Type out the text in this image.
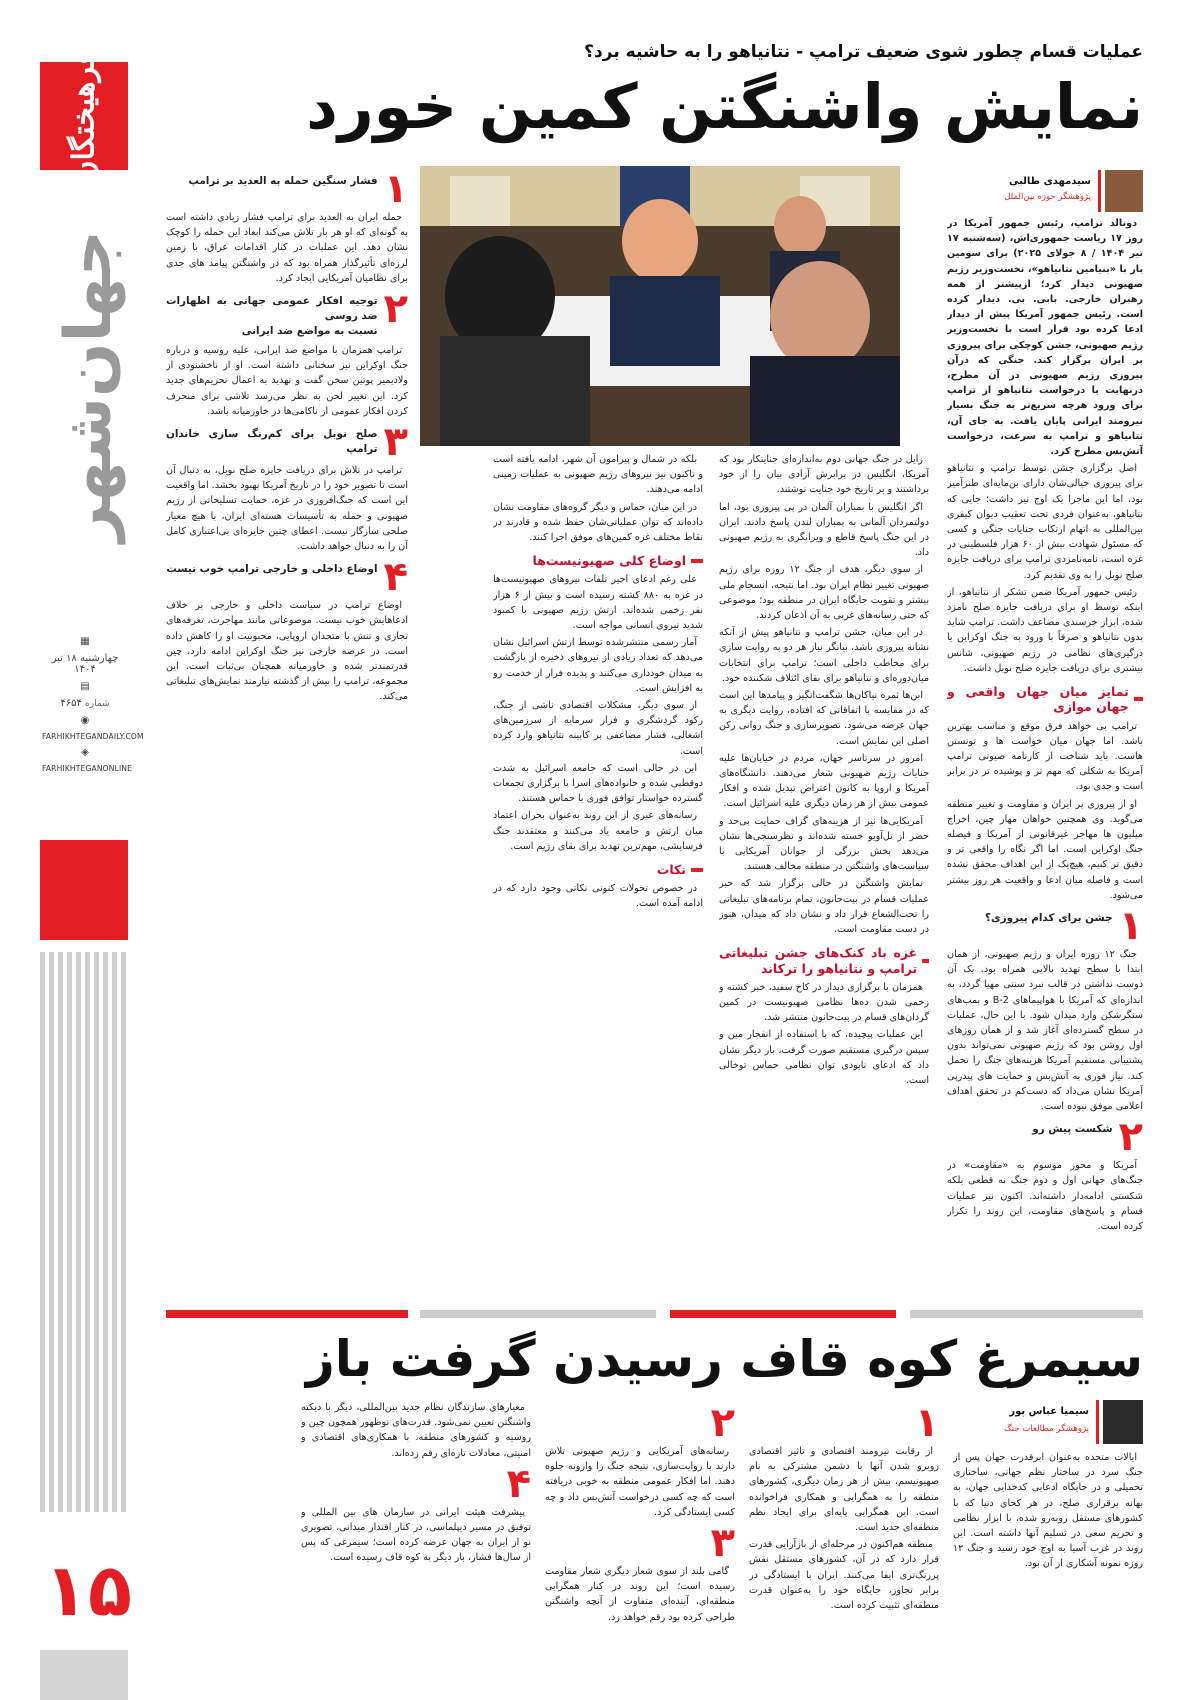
فرهیختگان
جهان‌شهر
▦
چهارشنبه ۱۸ تیر ۱۴۰۴
▤
شماره ۴۶۵۴
◉
FARHIKHTEGANDAILY.COM
◈
FARHIKHTEGANONLINE
۱۵
عملیات قسام چطور شوی ضعیف ترامپ - نتانیاهو را به حاشیه برد؟
نمایش واشنگتن کمین خورد
سیدمهدی طالبی
پژوهشگر حوزه بین‌الملل

دونالد ترامپ، رئیس جمهور آمریکا در روز ۱۷ ریاست جمهوری‌اش، (سه‌شنبه ۱۷ تیر ۱۴۰۴ / ۸ جولای ۲۰۲۵) برای سومین بار با «بنیامین نتانیاهو»، نخست‌وزیر رژیم صهیونی دیدار کرد؛ ازپیشتر از همه رهبران خارجی. بابی. بی. دیدار کرده است. رئیس جمهور آمریکا پیش از دیدار ادعا کرده بود قرار است با نخست‌وزیر رژیم صهیونی، جشن کوچکی برای پیروزی بر ایران برگزار کند. جنگی که درآن پیروزی رژیم صهیونی در آن مطرح، درنهایت با درخواست نتانیاهو از ترامپ برای ورود هرچه سریع‌تر به جنگ بسیار نیرومند ایرانی پایان یافت. به جای آن، نتانیاهو و ترامپ به سرعت، درخواست آتش‌بس مطرح کرد.

اصل برگزاری جشن توسط ترامپ و نتانیاهو برای پیروزی خیالی‌شان دارای بن‌مایه‌ای طنزآمیز بود، اما این ماجرا یک اوج نیز داشت؛ جایی که نتانیاهو، به‌عنوان فردی تحت تعقیب دیوان کیفری بین‌المللی به اتهام ارتکاب جنایات جنگی و کسی که مسئول شهادت بیش از ۶۰ هزار فلسطینی در غزه است، نامه‌نامزدی ترامپ برای دریافت جایزه صلح نوبل را به وی تقدیم کرد.

رئیس جمهور آمریکا ضمن تشکر از نتانیاهو، از اینکه توسط او برای دریافت جایزه صلح نامزد شده، ابراز خرسندی مضاعف داشت. ترامپ شاید بدون نتانیاهو و صرفاً با ورود به جنگ اوکراین یا درگیری‌های نظامی در رژیم صهیونی، شانس بیشتری برای دریافت جایزه صلح نوبل داشت.

تمایز میان جهان واقعی و جهان موازی

ترامپ بی‌ خواهد فرق موقع و مناسب بهترین باشد. اما جهان میان خواست ها و تونستن هاست. باید شناخت از کارنامه صیونی ترامپ آمریکا به شکلی که مهم تر و پوشیده تر در برابر است و جدی بود.

او از پیروزی بر ایران و مقاومت و تغییر منطقه می‌گوید. وی همچنین خواهان مهار چین، اخراج میلیون ها مهاجر غیرقانونی از آمریکا و فیصله جنگ اوکراین است. اما اگر نگاه را واقعی تر و دقیق تر کنیم، هیچ‌یک از این اهداف محقق نشده است و فاصله میان ادعا و واقعیت هر روز بیشتر می‌شود.

۱
جشن برای کدام پیروزی؟

جنگ ۱۲ روزه ایران و رژیم صهیونی، از همان ابتدا با سطح تهدید بالایی همراه بود. یک آن دوست نداشتن در قالب نبرد سنتی مهیا گردد، به اندازه‌ای که آمریکا با هواپیماهای B-2 و بمب‌های سنگرشکن وارد میدان شود. با این حال، عملیات در سطح گسترده‌ای آغاز شد و از همان روزهای اول روشن بود که رژیم صهیونی نمی‌تواند بدون پشتیبانی مستقیم آمریکا هزینه‌های جنگ را تحمل کند. نیاز فوری به آتش‌بس و حمایت های پیدرپی آمریکا نشان می‌داد که دست‌کم در تحقق اهداف اعلامی موفق نبوده است.

۲
شکست پیش رو

آمریکا و محور موسوم به «مقاومت» در جنگ‌های جهانی اول و دوم جنگ نه قطعی بلکه شکستی ادامه‌دار داشته‌اند. اکنون نیز عملیات قسام و پاسخ‌های مقاومت، این روند را تکرار کرده است.

زایل در جنگ جهانی دوم به‌اندازه‌ای جنایتکار بود که آمریکا، انگلیس در برابرش آزادی بیان را از خود برداشتند و بر تاریخ خود جنایت نوشتند.

اگر انگلیس با بمباران آلمان در پی پیروزی بود، اما دولتمردان آلمانی به بمباران لندن پاسخ دادند. ایران در این جنگ پاسخ قاطع و ویرانگری به رژیم صهیونی داد.

از سوی دیگر، هدف از جنگ ۱۲ روزه برای رژیم صهیونی تغییر نظام ایران بود. اما نتیجه، انسجام ملی بیشتر و تقویت جایگاه ایران در منطقه بود؛ موضوعی که حتی رسانه‌های غربی به آن اذعان کردند.

در این میان، جشن ترامپ و نتانیاهو پیش از آنکه نشانه پیروزی باشد، بیانگر نیاز هر دو به روایت سازی برای مخاطب داخلی است؛ ترامپ برای انتخابات میان‌دوره‌ای و نتانیاهو برای بقای ائتلاف شکننده خود.

ابن‌ها ثمره نیاکان‌ها شگفت‌انگیز و پیامدها این است که در مقایسه با اتفاقاتی که افتاده، روایت دیگری به جهان عرضه می‌شود. تصویرسازی و جنگ روانی رکن اصلی این نمایش است.

امروز در سرتاسر جهان، مردم در خیابان‌ها علیه جنایات رژیم صهیونی شعار می‌دهند. دانشگاه‌های آمریکا و اروپا به کانون اعتراض تبدیل شده و افکار عمومی بیش از هر زمان دیگری علیه اسرائیل است.

آمریکایی‌ها نیز از هزینه‌های گزاف حمایت بی‌حد و حصر از تل‌آویو خسته شده‌اند و نظرسنجی‌ها نشان می‌دهد بخش بزرگی از جوانان آمریکایی با سیاست‌های واشنگتن در منطقه مخالف هستند.

نمایش واشنگتن در حالی برگزار شد که خبر عملیات قسام در بیت‌حانون، تمام برنامه‌های تبلیغاتی را تحت‌الشعاع قرار داد و نشان داد که میدان، هنوز در دست مقاومت است.

غزه باد کنک‌های جشن تبلیغاتی ترامپ و نتانیاهو را ترکاند

همزمان با برگزاری دیدار در کاخ سفید، خبر کشته و زخمی شدن ده‌ها نظامی صهیونیست در کمین گردان‌های قسام در بیت‌حانون منتشر شد.

این عملیات پیچیده، که با استفاده از انفجار مین و سپس درگیری مستقیم صورت گرفت، بار دیگر نشان داد که ادعای نابودی توان نظامی حماس توخالی است.

بلکه در شمال و پیرامون آن شهر، ادامه یافته است و تاکنون نیز نیروهای رژیم صهیونی به عملیات زمینی ادامه می‌دهند.

در این میان، حماس و دیگر گروه‌های مقاومت نشان داده‌اند که توان عملیاتی‌شان حفظ شده و قادرند در نقاط مختلف غزه کمین‌های موفق اجرا کنند.

اوضاع کلی صهیونیست‌ها

علی رغم ادعای اخیر تلفات نیروهای صهیونیست‌ها در غزه به ۸۸۰ کشته رسیده است و بیش از ۶ هزار نفر زخمی شده‌اند. ارتش رژیم صهیونی با کمبود شدید نیروی انسانی مواجه است.

آمار رسمی منتشرشده توسط ارتش اسرائیل نشان می‌دهد که تعداد زیادی از نیروهای ذخیره از بازگشت به میدان خودداری می‌کنند و پدیده فرار از خدمت رو به افزایش است.

از سوی دیگر، مشکلات اقتصادی ناشی از جنگ، رکود گردشگری و فرار سرمایه از سرزمین‌های اشغالی، فشار مضاعفی بر کابینه نتانیاهو وارد کرده است.

این در حالی است که جامعه اسرائیل به شدت دوقطبی شده و خانواده‌های اسرا با برگزاری تجمعات گسترده خواستار توافق فوری با حماس هستند.

رسانه‌های عبری از این روند به‌عنوان بحران اعتماد میان ارتش و جامعه یاد می‌کنند و معتقدند جنگ فرسایشی، مهم‌ترین تهدید برای بقای رژیم است.

نکات

در خصوص تحولات کنونی نکاتی وجود دارد که در ادامه آمده است.

۱
فشار سنگین حمله به العدید بر ترامپ

حمله ایران به العدید برای ترامپ فشار زیادی داشته است به گونه‌ای که او هر بار تلاش می‌کند ابعاد این حمله را کوچک نشان دهد. این عملیات در کنار اقدامات عراق، با زمین لرزه‌ای تأثیرگذار همراه بود که در واشنگتن پیامد های جدی برای نظامیان آمریکایی ایجاد کرد.

۲
توجیه افکار عمومی جهانی به اظهارات ضد روسی
نسبت به مواضع ضد ایرانی

ترامپ همزمان با مواضع ضد ایرانی، علیه روسیه و درباره جنگ اوکراین نیز سخنانی داشته است. او از ناخشنودی از ولادیمیر پوتین سخن گفت و تهدید به اعمال تحریم‌های جدید کرد. این تغییر لحن به نظر می‌رسد تلاشی برای منحرف کردن افکار عمومی از ناکامی‌ها در خاورمیانه باشد.

۳
صلح نوبل برای کم‌رنگ سازی خاندان ترامپ

ترامپ در تلاش برای دریافت جایزه صلح نوبل، به دنبال آن است تا تصویر خود را در تاریخ آمریکا بهبود بخشد. اما واقعیت این است که جنگ‌افروزی در غزه، حمایت تسلیحاتی از رژیم صهیونی و حمله به تأسیسات هسته‌ای ایران، با هیچ معیار صلحی سازگار نیست. اعطای چنین جایزه‌ای بی‌اعتباری کامل آن را به دنبال خواهد داشت.

۴
اوضاع داخلی و خارجی ترامپ خوب نیست

اوضاع ترامپ در سیاست داخلی و خارجی بر خلاف ادعاهایش خوب نیست. موضوعاتی مانند مهاجرت، تعرفه‌های تجاری و تنش با متحدان اروپایی، محبوبیت او را کاهش داده است. در عرصه خارجی نیز جنگ اوکراین ادامه دارد، چین قدرتمندتر شده و خاورمیانه همچنان بی‌ثبات است. این مجموعه، ترامپ را بیش از گذشته نیازمند نمایش‌های تبلیغاتی می‌کند.

سیمرغ کوه قاف رسیدن گرفت باز
سیمیا عباس پور
پژوهشگر مطالعات جنگ

ایالات متحده به‌عنوان ابرقدرت جهان پس از جنگ سرد در ساختار نظم جهانی، ساختاری تحمیلی و در جایگاه ادعایی کدخدایی جهان، به بهانه برقراری صلح، در هر کجای دنیا که با کشورهای مستقل روبه‌رو شده، با ابزار نظامی و تحریم سعی در تسلیم آنها داشته است. این روند در غرب آسیا به اوج خود رسید و جنگ ۱۲ روزه نمونه آشکاری از آن بود.

۱

از رقابت نیرومند اقتصادی و تاثیر اقتصادی روبرو شدن آنها با دشمن مشترکی به نام صهیونیسم، بیش از هر زمان دیگری، کشورهای منطقه را به همگرایی و همکاری فراخوانده است. این همگرایی پایه‌ای برای ایجاد نظم منطقه‌ای جدید است.

منطقه هم‌اکنون در مرحله‌ای از بازآرایی قدرت قرار دارد که در آن، کشورهای مستقل نقش پررنگ‌تری ایفا می‌کنند. ایران با ایستادگی در برابر تجاوز، جایگاه خود را به‌عنوان قدرت منطقه‌ای تثبیت کرده است.

۲

رسانه‌های آمریکایی و رژیم صهیونی تلاش دارند با روایت‌سازی، نتیجه جنگ را وارونه جلوه دهند. اما افکار عمومی منطقه به خوبی دریافته است که چه کسی درخواست آتش‌بس داد و چه کسی ایستادگی کرد.

۳

گامی بلند از سوی شعار دیگری شعار مقاومت رسیده است؛ این روند در کنار همگرایی منطقه‌ای، آینده‌ای متفاوت از آنچه واشنگتن طراحی کرده بود رقم خواهد زد.

معیارهای سازندگان نظام جدید بین‌المللی، دیگر با دیکته واشنگتن تعیین نمی‌شود. قدرت‌های نوظهور همچون چین و روسیه و کشورهای منطقه، با همکاری‌های اقتصادی و امنیتی، معادلات تازه‌ای رقم زده‌اند.

۴

پیشرفت هیئت ایرانی در سازمان های بین المللی و توفیق در مسیر دیپلماسی، در کنار اقتدار میدانی، تصویری نو از ایران به جهان عرضه کرده است؛ سیمرغی که پس از سال‌ها فشار، بار دیگر به کوه قاف رسیده است.
